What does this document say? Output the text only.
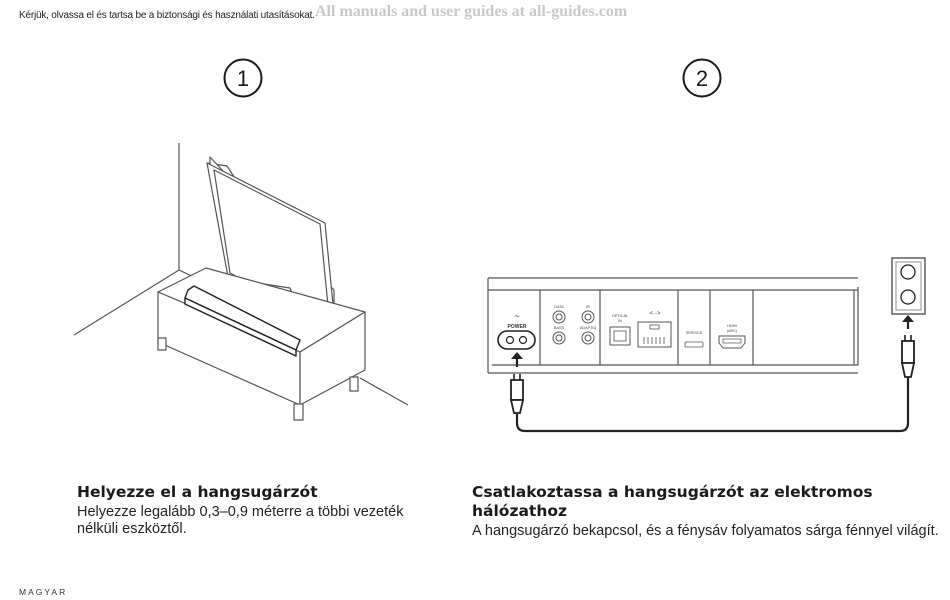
Kérjük, olvassa el és tartsa be a biztonsági és használati utasításokat. All manuals and user guides at all-guides.com
1	2
~
POWER
DATA
BASS
IR
ADAPTiQ
OPTICAL
IN
<··>
SERVICE
HDMI
(ARC)
Helyezze el a hangsugárzót
Helyezze legalább 0,3–0,9 méterre a többi vezeték nélküli eszköztől.
Csatlakoztassa a hangsugárzót az elektromos hálózathoz
A hangsugárzó bekapcsol, és a fénysáv folyamatos sárga fénnyel világít.
MAGYAR
